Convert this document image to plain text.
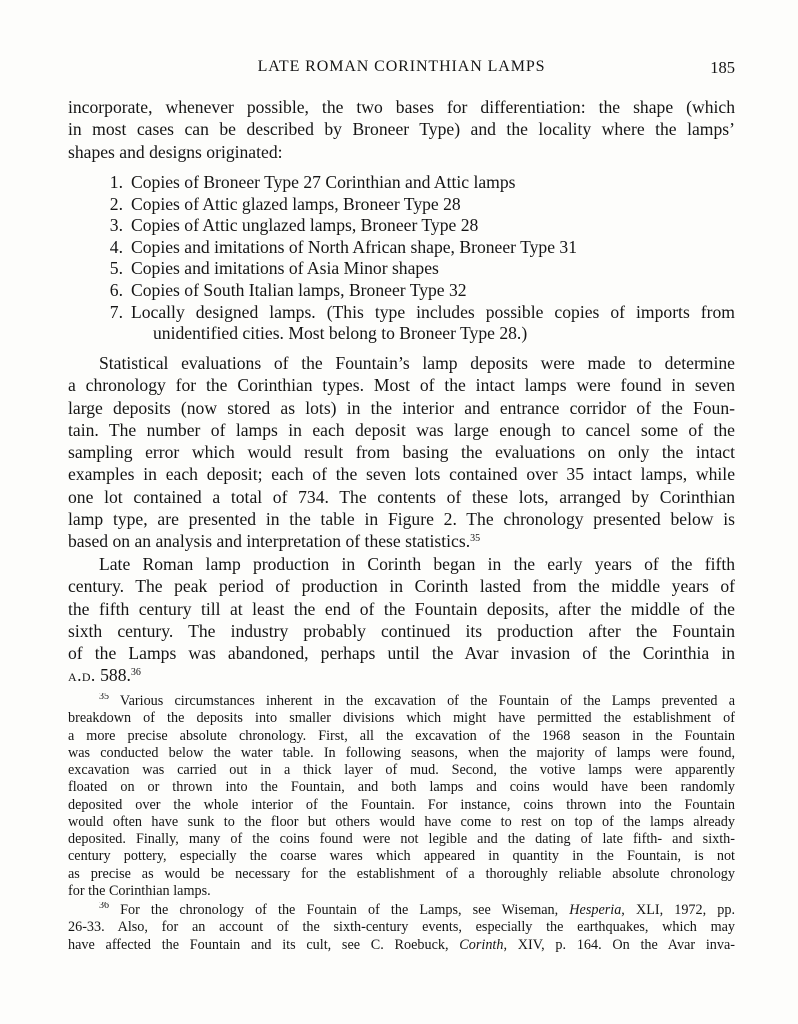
LATE ROMAN CORINTHIAN LAMPS	185
incorporate, whenever possible, the two bases for differentiation: the shape (which
in most cases can be described by Broneer Type) and the locality where the lamps’
shapes and designs originated:
1. Copies of Broneer Type 27 Corinthian and Attic lamps
2. Copies of Attic glazed lamps, Broneer Type 28
3. Copies of Attic unglazed lamps, Broneer Type 28
4. Copies and imitations of North African shape, Broneer Type 31
5. Copies and imitations of Asia Minor shapes
6. Copies of South Italian lamps, Broneer Type 32
7. Locally designed lamps. (This type includes possible copies of imports from
unidentified cities. Most belong to Broneer Type 28.)
Statistical evaluations of the Fountain’s lamp deposits were made to determine
a chronology for the Corinthian types. Most of the intact lamps were found in seven
large deposits (now stored as lots) in the interior and entrance corridor of the Foun-
tain. The number of lamps in each deposit was large enough to cancel some of the
sampling error which would result from basing the evaluations on only the intact
examples in each deposit; each of the seven lots contained over 35 intact lamps, while
one lot contained a total of 734. The contents of these lots, arranged by Corinthian
lamp type, are presented in the table in Figure 2. The chronology presented below is
based on an analysis and interpretation of these statistics.$^{35}$
Late Roman lamp production in Corinth began in the early years of the fifth
century. The peak period of production in Corinth lasted from the middle years of
the fifth century till at least the end of the Fountain deposits, after the middle of the
sixth century. The industry probably continued its production after the Fountain
of the Lamps was abandoned, perhaps until the Avar invasion of the Corinthia in
a.d. 588.36
$^{35}$ Various circumstances inherent in the excavation of the Fountain of the Lamps prevented a
breakdown of the deposits into smaller divisions which might have permitted the establishment of
a more precise absolute chronology. First, all the excavation of the 1968 season in the Fountain
was conducted below the water table. In following seasons, when the majority of lamps were found,
excavation was carried out in a thick layer of mud. Second, the votive lamps were apparently
floated on or thrown into the Fountain, and both lamps and coins would have been randomly
deposited over the whole interior of the Fountain. For instance, coins thrown into the Fountain
would often have sunk to the floor but others would have come to rest on top of the lamps already
deposited. Finally, many of the coins found were not legible and the dating of late fifth- and sixth-
century pottery, especially the coarse wares which appeared in quantity in the Fountain, is not
as precise as would be necessary for the establishment of a thoroughly reliable absolute chronology
for the Corinthian lamps.
$^{36}$ For the chronology of the Fountain of the Lamps, see Wiseman, Hesperia, XLI, 1972, pp.
26-33. Also, for an account of the sixth-century events, especially the earthquakes, which may
have affected the Fountain and its cult, see C. Roebuck, Corinth, XIV, p. 164. On the Avar inva-
